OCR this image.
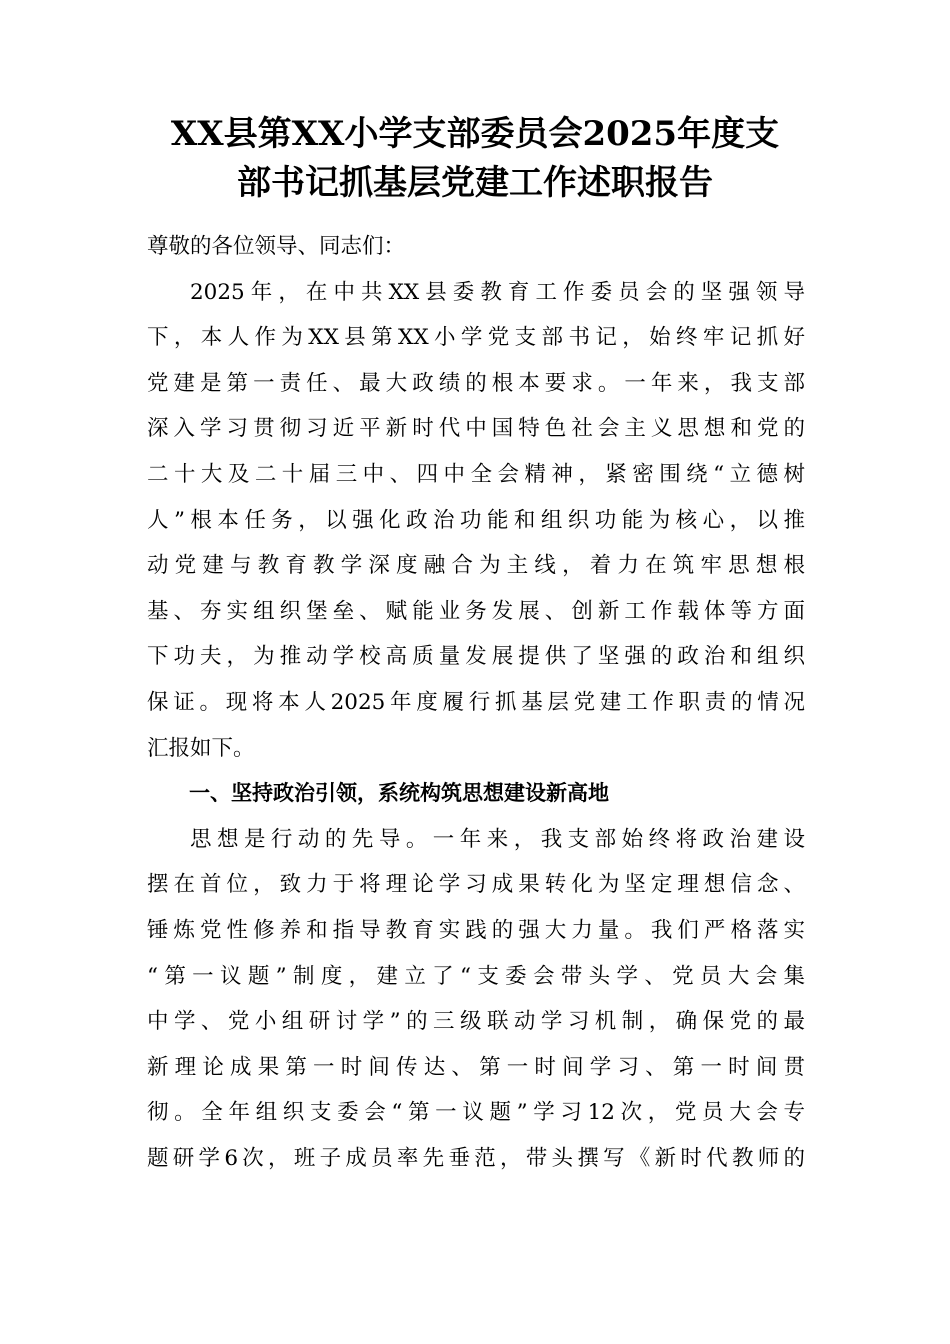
XX县第XX小学支部委员会2025年度支
部书记抓基层党建工作述职报告

尊敬的各位领导、同志们：

2025年，在中共XX县委教育工作委员会的坚强领导
下，本人作为XX县第XX小学党支部书记，始终牢记抓好
党建是第一责任、最大政绩的根本要求。一年来，我支部
深入学习贯彻习近平新时代中国特色社会主义思想和党的
二十大及二十届三中、四中全会精神，紧密围绕“立德树
人”根本任务，以强化政治功能和组织功能为核心，以推
动党建与教育教学深度融合为主线，着力在筑牢思想根
基、夯实组织堡垒、赋能业务发展、创新工作载体等方面
下功夫，为推动学校高质量发展提供了坚强的政治和组织
保证。现将本人2025年度履行抓基层党建工作职责的情况
汇报如下。

一、坚持政治引领，系统构筑思想建设新高地

思想是行动的先导。一年来，我支部始终将政治建设
摆在首位，致力于将理论学习成果转化为坚定理想信念、
锤炼党性修养和指导教育实践的强大力量。我们严格落实
“第一议题”制度，建立了“支委会带头学、党员大会集
中学、党小组研讨学”的三级联动学习机制，确保党的最
新理论成果第一时间传达、第一时间学习、第一时间贯
彻。全年组织支委会“第一议题”学习12次，党员大会专
题研学6次，班子成员率先垂范，带头撰写《新时代教师的
